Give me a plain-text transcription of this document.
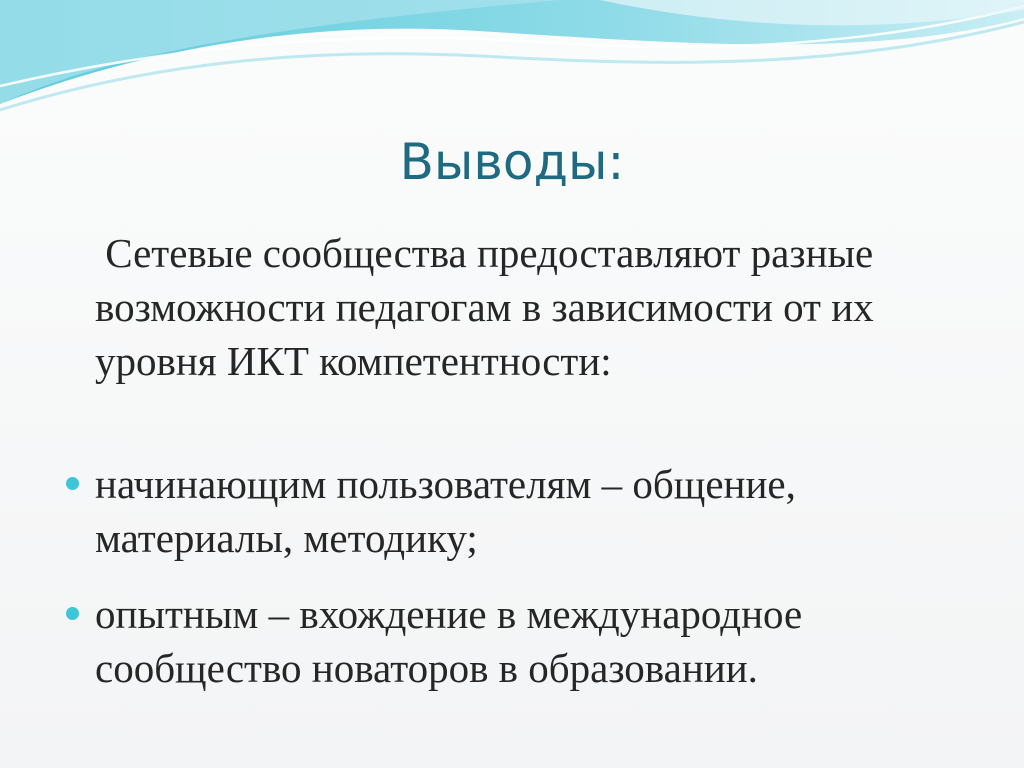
Выводы:
Сетевые сообщества предоставляют разные возможности педагогам в зависимости от их уровня ИКТ компетентности:
начинающим пользователям – общение, материалы, методику;
опытным – вхождение в международное сообщество новаторов в образовании.
